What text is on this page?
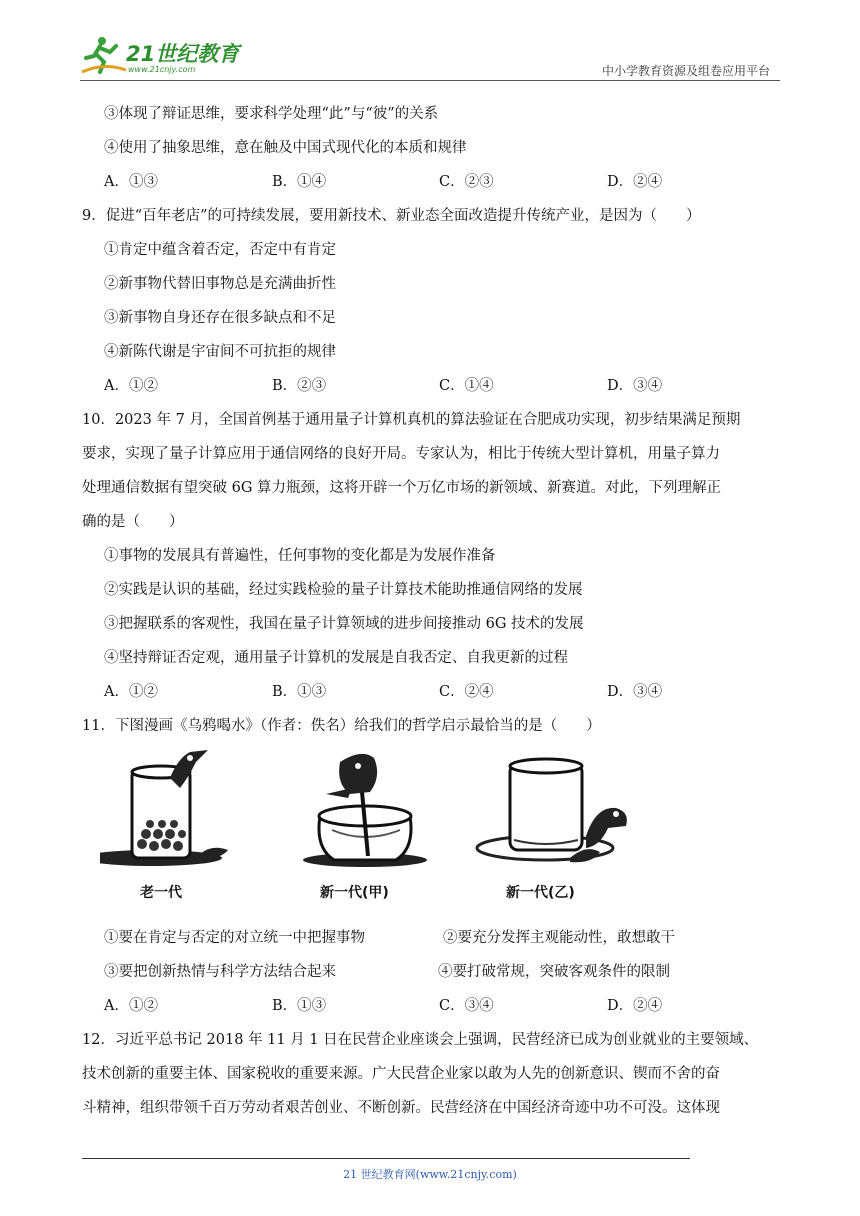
21世纪教育
www.21cnjy.com	中小学教育资源及组卷应用平台
③体现了辩证思维，要求科学处理“此”与“彼”的关系
④使用了抽象思维，意在触及中国式现代化的本质和规律
A．①③	B．①④	C．②③	D．②④
9．促进“百年老店”的可持续发展，要用新技术、新业态全面改造提升传统产业，是因为（　　）
①肯定中蕴含着否定，否定中有肯定
②新事物代替旧事物总是充满曲折性
③新事物自身还存在很多缺点和不足
④新陈代谢是宇宙间不可抗拒的规律
A．①②	B．②③	C．①④	D．③④
10．2023 年 7 月，全国首例基于通用量子计算机真机的算法验证在合肥成功实现，初步结果满足预期
要求，实现了量子计算应用于通信网络的良好开局。专家认为，相比于传统大型计算机，用量子算力
处理通信数据有望突破 6G 算力瓶颈，这将开辟一个万亿市场的新领域、新赛道。对此，下列理解正
确的是（　　）
①事物的发展具有普遍性，任何事物的变化都是为发展作准备
②实践是认识的基础，经过实践检验的量子计算技术能助推通信网络的发展
③把握联系的客观性，我国在量子计算领域的进步间接推动 6G 技术的发展
④坚持辩证否定观，通用量子计算机的发展是自我否定、自我更新的过程
A．①②	B．①③	C．②④	D．③④
11．下图漫画《乌鸦喝水》（作者：佚名）给我们的哲学启示最恰当的是（　　）
老一代	新一代(甲)	新一代(乙)
①要在肯定与否定的对立统一中把握事物	②要充分发挥主观能动性，敢想敢干
③要把创新热情与科学方法结合起来	④要打破常规，突破客观条件的限制
A．①②	B．①③	C．③④	D．②④
12．习近平总书记 2018 年 11 月 1 日在民营企业座谈会上强调，民营经济已成为创业就业的主要领域、
技术创新的重要主体、国家税收的重要来源。广大民营企业家以敢为人先的创新意识、锲而不舍的奋
斗精神，组织带领千百万劳动者艰苦创业、不断创新。民营经济在中国经济奇迹中功不可没。这体现
21 世纪教育网(www.21cnjy.com)
